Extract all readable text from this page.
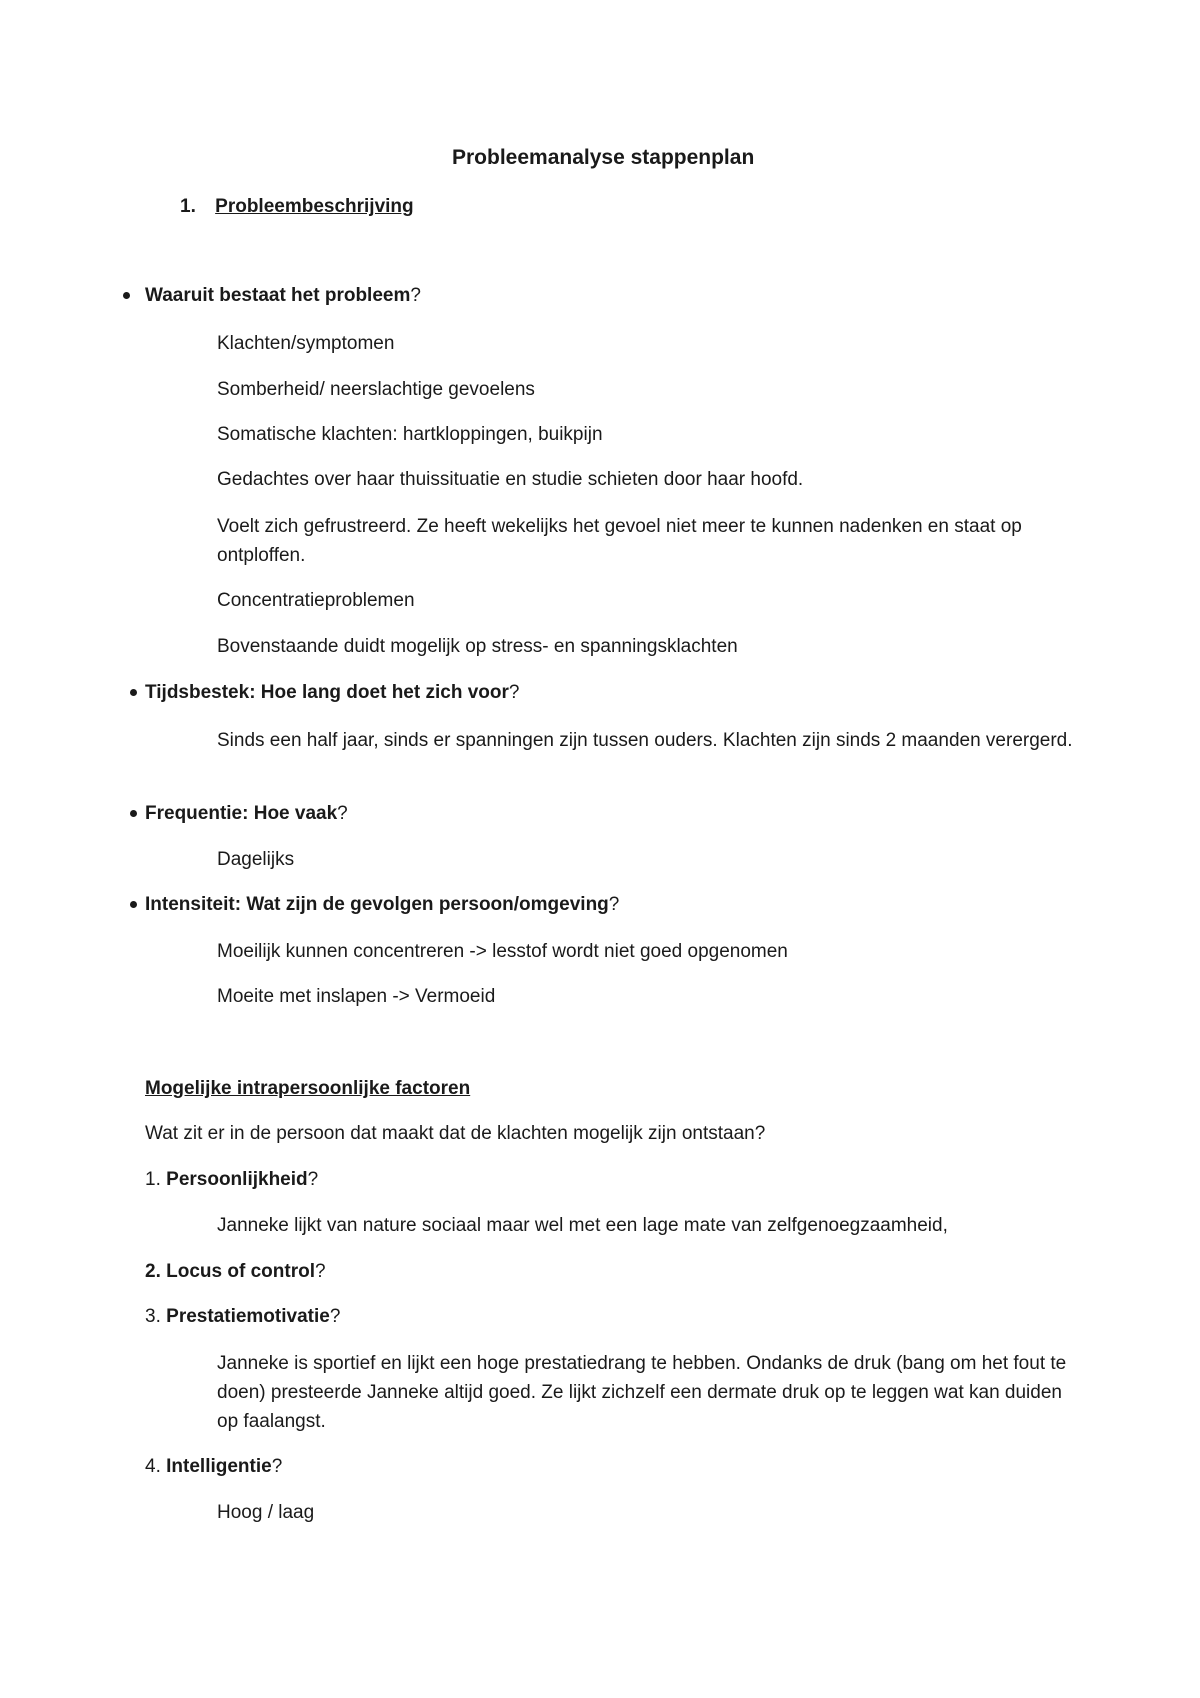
Probleemanalyse stappenplan
1. Probleembeschrijving
Waaruit bestaat het probleem?
Klachten/symptomen
Somberheid/ neerslachtige gevoelens
Somatische klachten: hartkloppingen, buikpijn
Gedachtes over haar thuissituatie en studie schieten door haar hoofd.
Voelt zich gefrustreerd. Ze heeft wekelijks het gevoel niet meer te kunnen nadenken en staat op ontploffen.
Concentratieproblemen
Bovenstaande duidt mogelijk op stress- en spanningsklachten
Tijdsbestek: Hoe lang doet het zich voor?
Sinds een half jaar, sinds er spanningen zijn tussen ouders. Klachten zijn sinds 2 maanden verergerd.
Frequentie: Hoe vaak?
Dagelijks
Intensiteit: Wat zijn de gevolgen persoon/omgeving?
Moeilijk kunnen concentreren -> lesstof wordt niet goed opgenomen
Moeite met inslapen -> Vermoeid
Mogelijke intrapersoonlijke factoren
Wat zit er in de persoon dat maakt dat de klachten mogelijk zijn ontstaan?
1. Persoonlijkheid?
Janneke lijkt van nature sociaal maar wel met een lage mate van zelfgenoegzaamheid,
2. Locus of control?
3. Prestatiemotivatie?
Janneke is sportief en lijkt een hoge prestatiedrang te hebben. Ondanks de druk (bang om het fout te doen) presteerde Janneke altijd goed. Ze lijkt zichzelf een dermate druk op te leggen wat kan duiden op faalangst.
4. Intelligentie?
Hoog / laag
